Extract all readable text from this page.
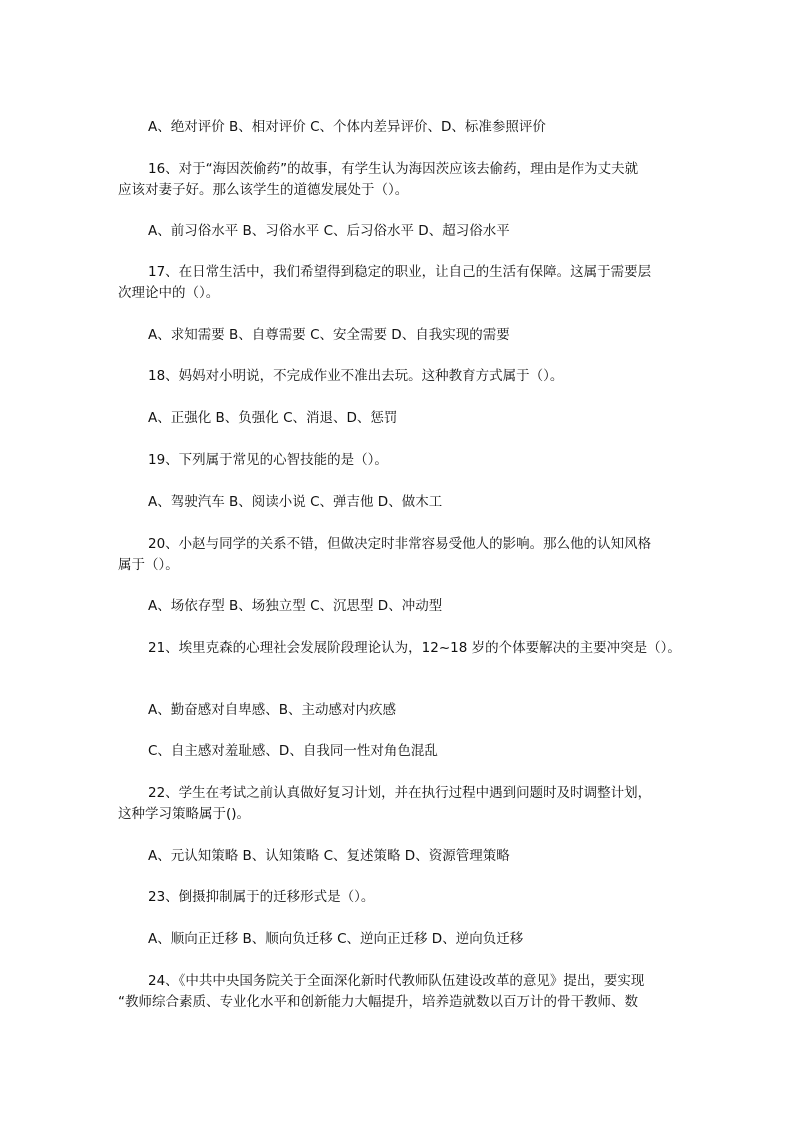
A、绝对评价 B、相对评价 C、个体内差异评价、D、标准参照评价
16、对于“海因茨偷药”的故事，有学生认为海因茨应该去偷药，理由是作为丈夫就
应该对妻子好。那么该学生的道德发展处于（）。
A、前习俗水平 B、习俗水平 C、后习俗水平 D、超习俗水平
17、在日常生活中，我们希望得到稳定的职业，让自己的生活有保障。这属于需要层
次理论中的（）。
A、求知需要 B、自尊需要 C、安全需要 D、自我实现的需要
18、妈妈对小明说，不完成作业不准出去玩。这种教育方式属于（）。
A、正强化 B、负强化 C、消退、D、惩罚
19、下列属于常见的心智技能的是（）。
A、驾驶汽车 B、阅读小说 C、弹吉他 D、做木工
20、小赵与同学的关系不错，但做决定时非常容易受他人的影响。那么他的认知风格
属于（）。
A、场依存型 B、场独立型 C、沉思型 D、冲动型
21、埃里克森的心理社会发展阶段理论认为，12~18 岁的个体要解决的主要冲突是（）。
A、勤奋感对自卑感、B、主动感对内疚感
C、自主感对羞耻感、D、自我同一性对角色混乱
22、学生在考试之前认真做好复习计划，并在执行过程中遇到问题时及时调整计划，
这种学习策略属于()。
A、元认知策略 B、认知策略 C、复述策略 D、资源管理策略
23、倒摄抑制属于的迁移形式是（）。
A、顺向正迁移 B、顺向负迁移 C、逆向正迁移 D、逆向负迁移
24、《中共中央国务院关于全面深化新时代教师队伍建设改革的意见》提出，要实现
“教师综合素质、专业化水平和创新能力大幅提升，培养造就数以百万计的骨干教师、数
